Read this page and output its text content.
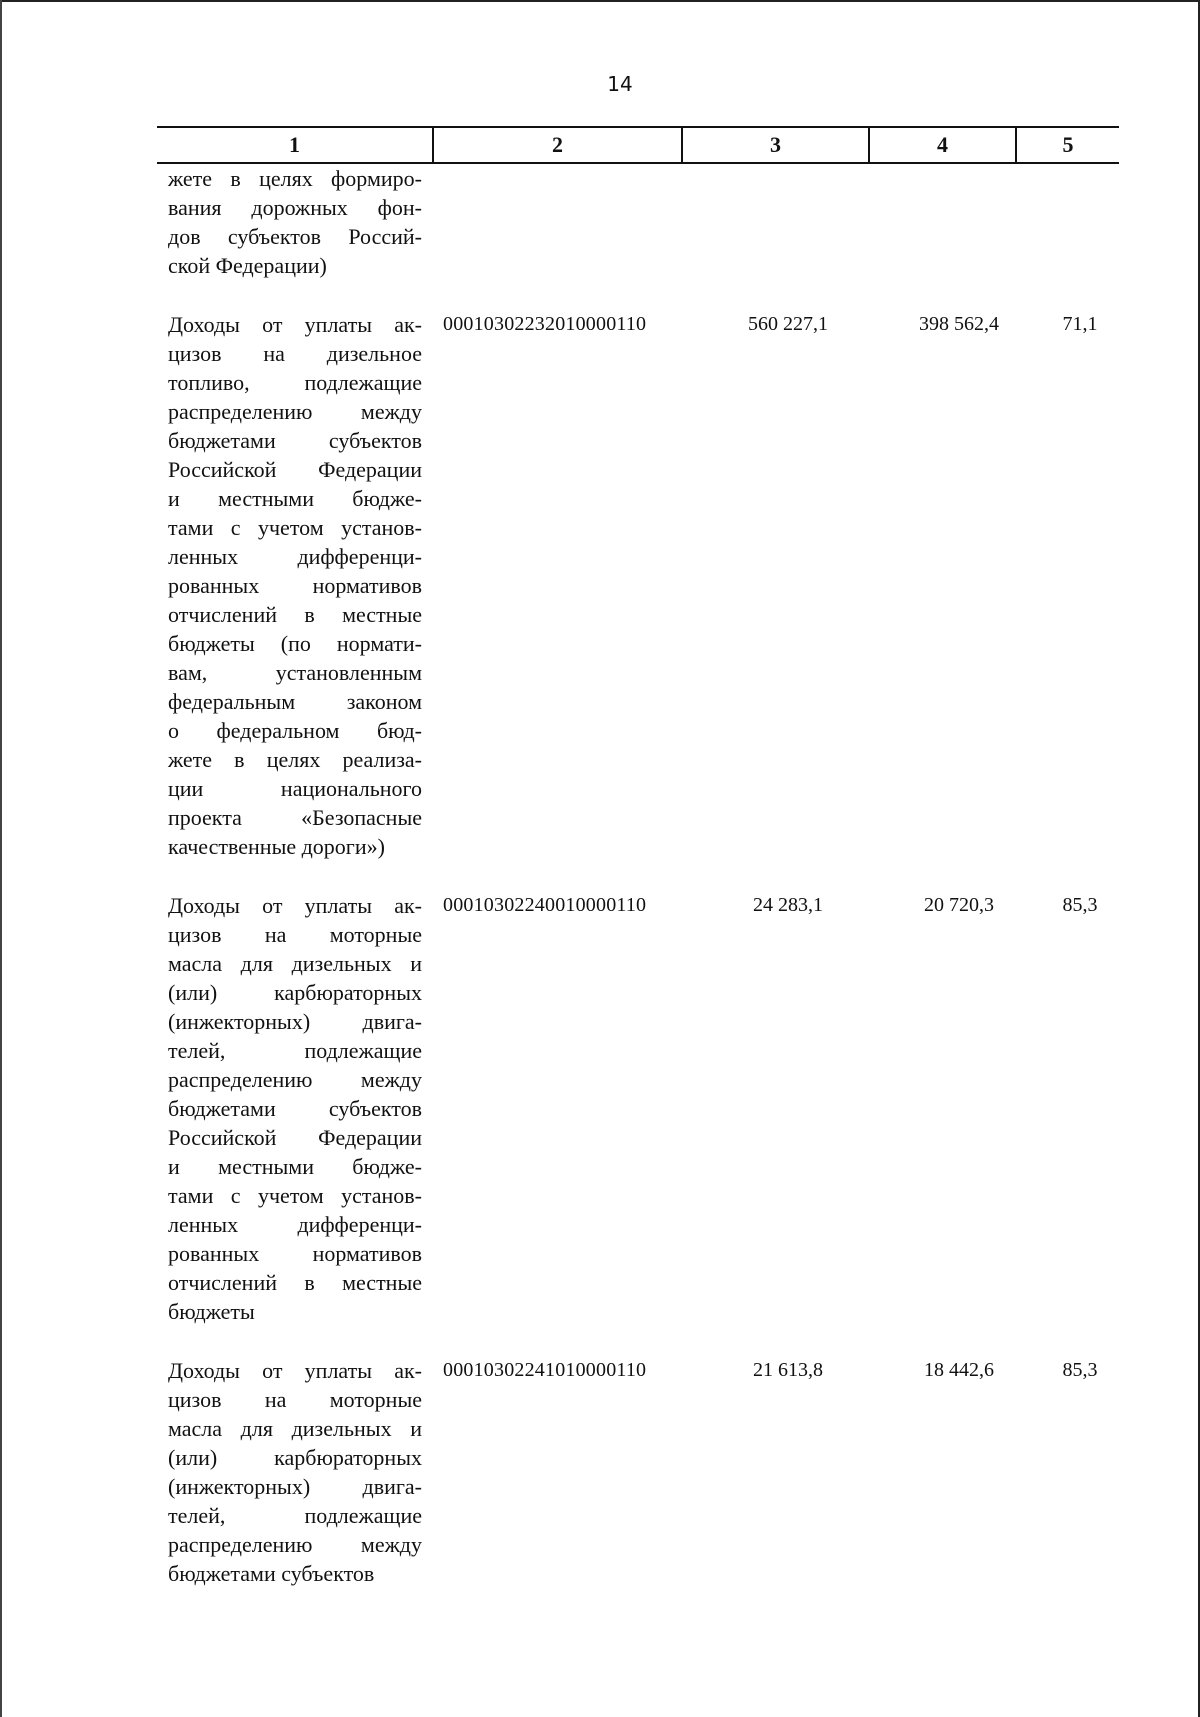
14
1	2	3	4	5
жете в целях формиро-
вания дорожных фон-
дов субъектов Россий-
ской Федерации)
Доходы от уплаты ак-
цизов на дизельное
топливо, подлежащие
распределению между
бюджетами субъектов
Российской Федерации
и местными бюдже-
тами с учетом установ-
ленных дифференци-
рованных нормативов
отчислений в местные
бюджеты (по нормати-
вам, установленным
федеральным законом
о федеральном бюд-
жете в целях реализа-
ции национального
проекта «Безопасные
качественные дороги»)
00010302232010000110	560 227,1	398 562,4	71,1
Доходы от уплаты ак-
цизов на моторные
масла для дизельных и
(или) карбюраторных
(инжекторных) двига-
телей, подлежащие
распределению между
бюджетами субъектов
Российской Федерации
и местными бюдже-
тами с учетом установ-
ленных дифференци-
рованных нормативов
отчислений в местные
бюджеты
00010302240010000110	24 283,1	20 720,3	85,3
Доходы от уплаты ак-
цизов на моторные
масла для дизельных и
(или) карбюраторных
(инжекторных) двига-
телей, подлежащие
распределению между
бюджетами субъектов
00010302241010000110	21 613,8	18 442,6	85,3
